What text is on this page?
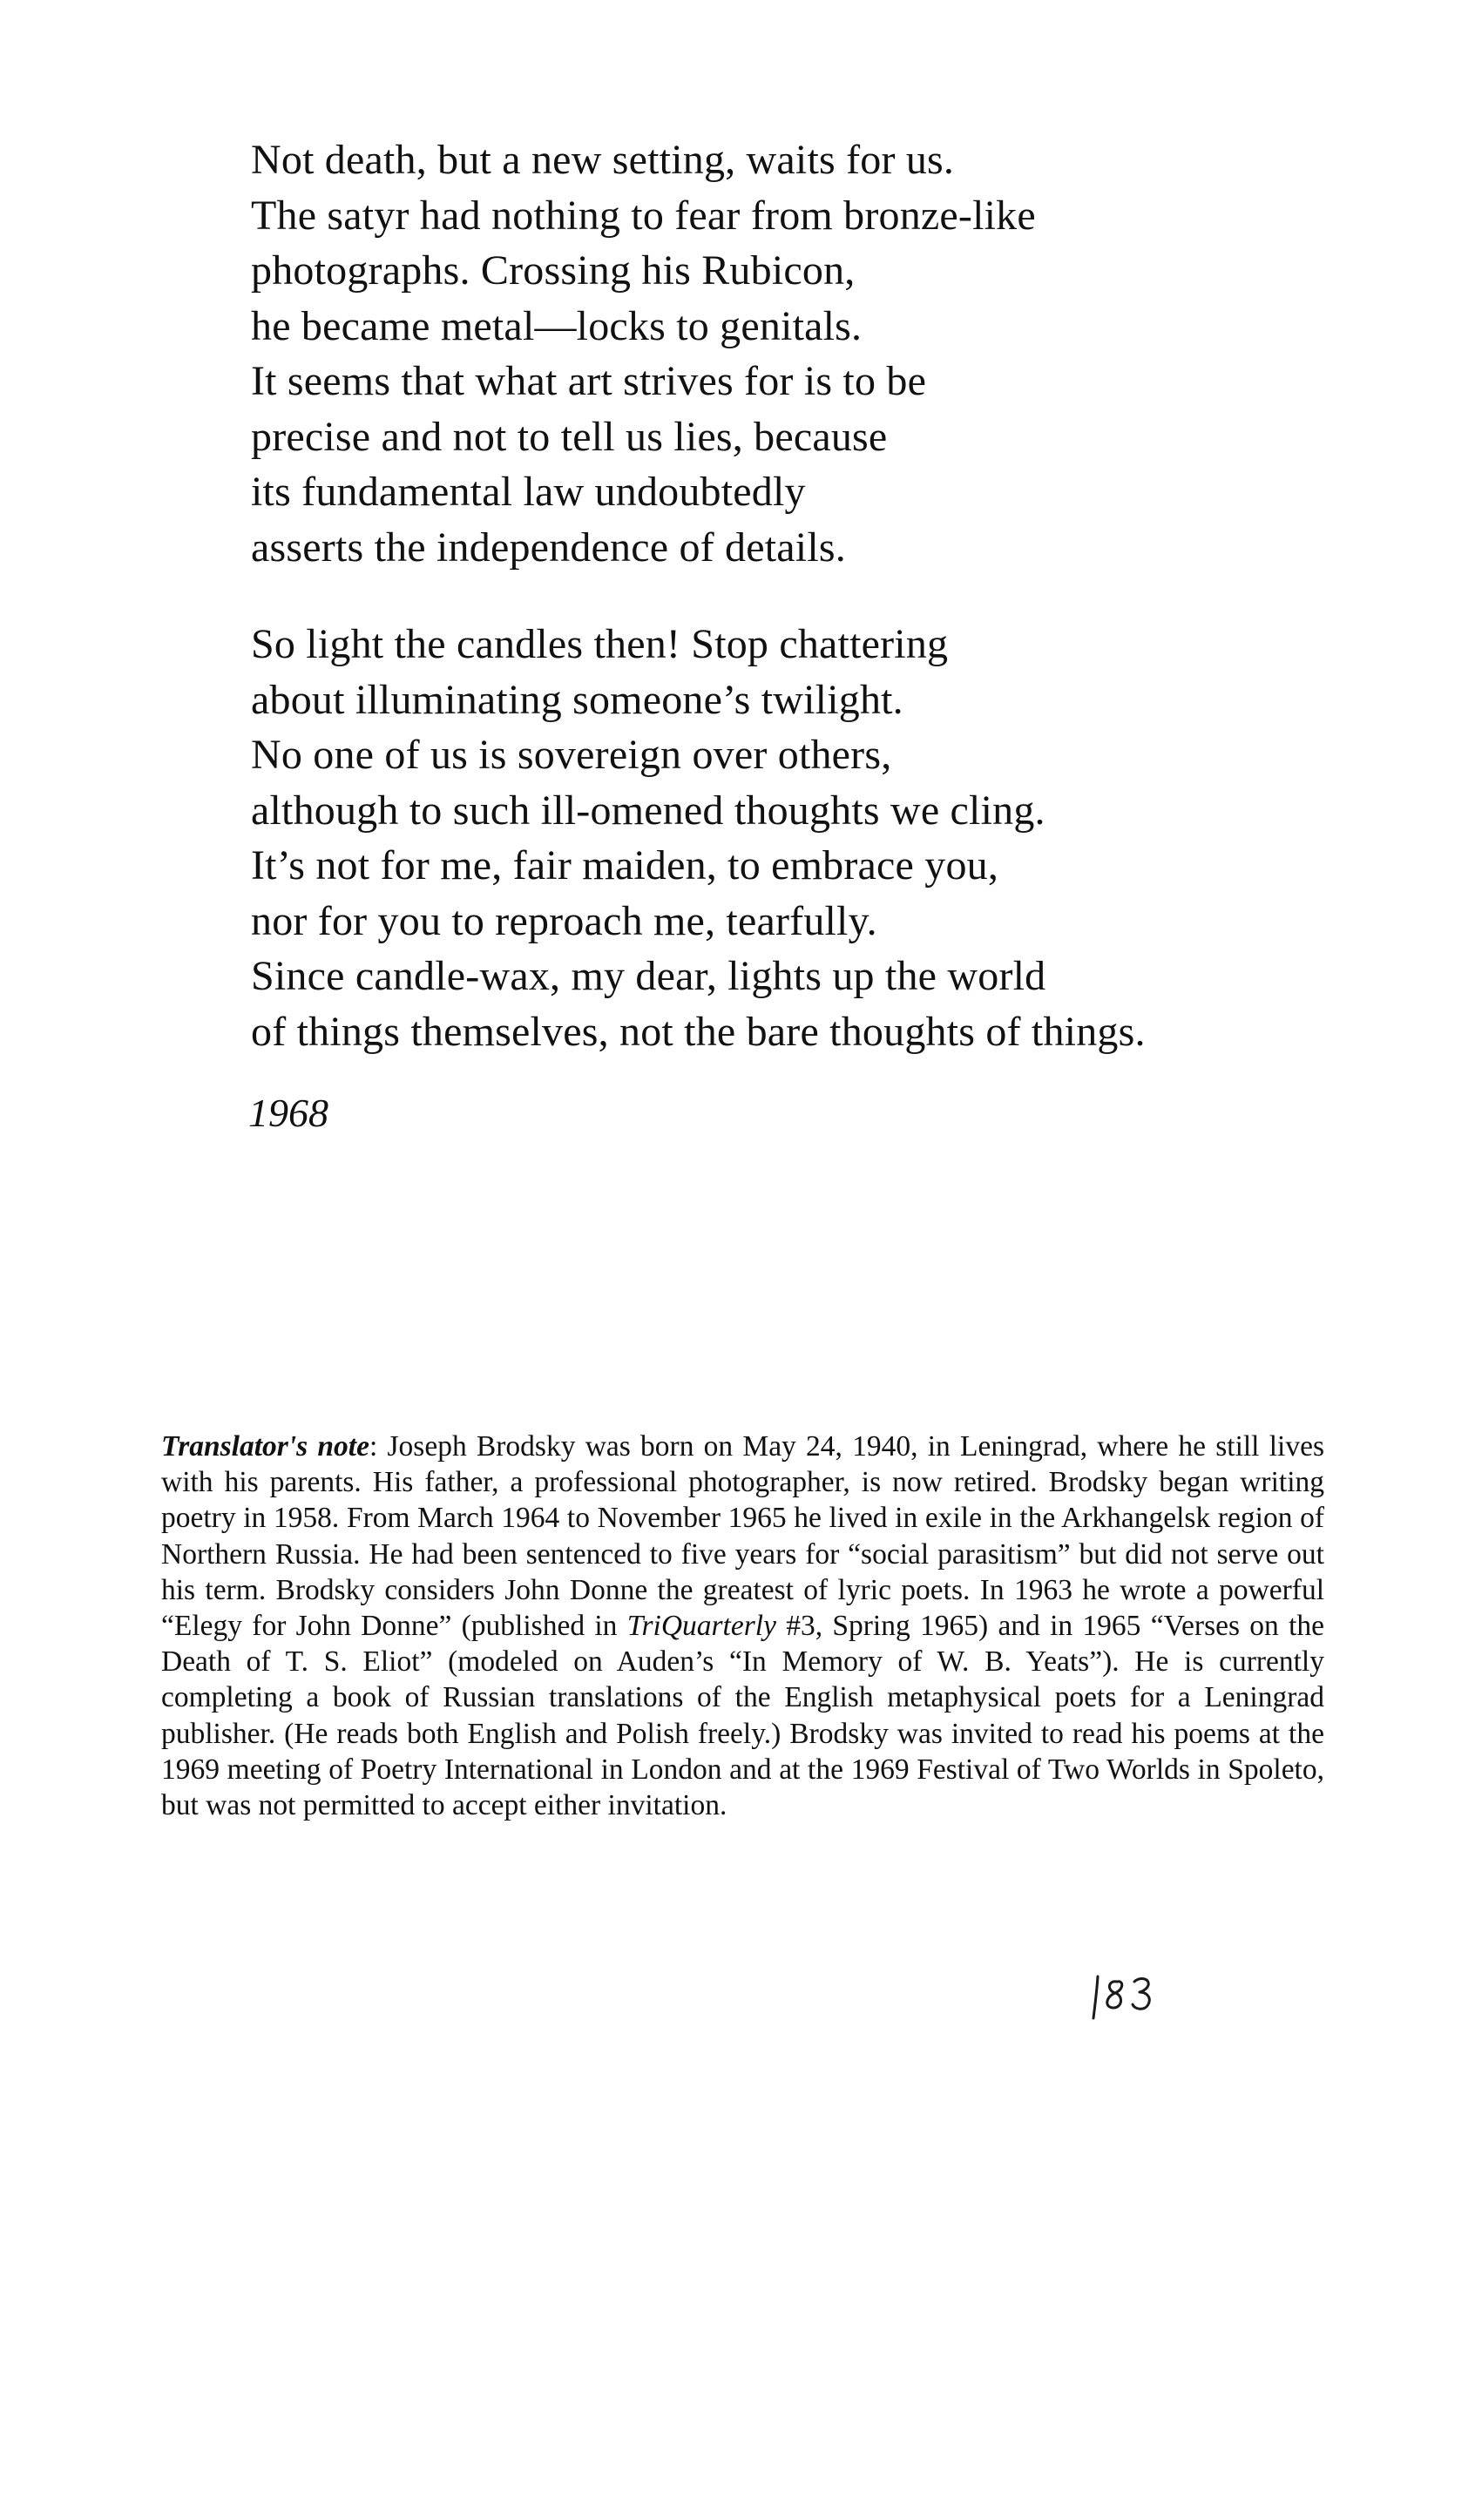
Not death, but a new setting, waits for us.
The satyr had nothing to fear from bronze-like
photographs. Crossing his Rubicon,
he became metal—locks to genitals.
It seems that what art strives for is to be
precise and not to tell us lies, because
its fundamental law undoubtedly
asserts the independence of details.

So light the candles then! Stop chattering
about illuminating someone’s twilight.
No one of us is sovereign over others,
although to such ill-omened thoughts we cling.
It’s not for me, fair maiden, to embrace you,
nor for you to reproach me, tearfully.
Since candle-wax, my dear, lights up the world
of things themselves, not the bare thoughts of things.

1968
Translator's note: Joseph Brodsky was born on May 24, 1940, in Leningrad, where he still lives with his parents. His father, a professional photographer, is now retired. Brodsky began writing poetry in 1958. From March 1964 to November 1965 he lived in exile in the Arkhangelsk region of Northern Russia. He had been sentenced to five years for “social parasitism” but did not serve out his term. Brodsky considers John Donne the greatest of lyric poets. In 1963 he wrote a powerful “Elegy for John Donne” (published in TriQuarterly #3, Spring 1965) and in 1965 “Verses on the Death of T. S. Eliot” (modeled on Auden’s “In Memory of W. B. Yeats”). He is currently completing a book of Russian translations of the English metaphysical poets for a Leningrad publisher. (He reads both English and Polish freely.) Brodsky was invited to read his poems at the 1969 meeting of Poetry International in London and at the 1969 Festival of Two Worlds in Spoleto, but was not permitted to accept either invitation.
